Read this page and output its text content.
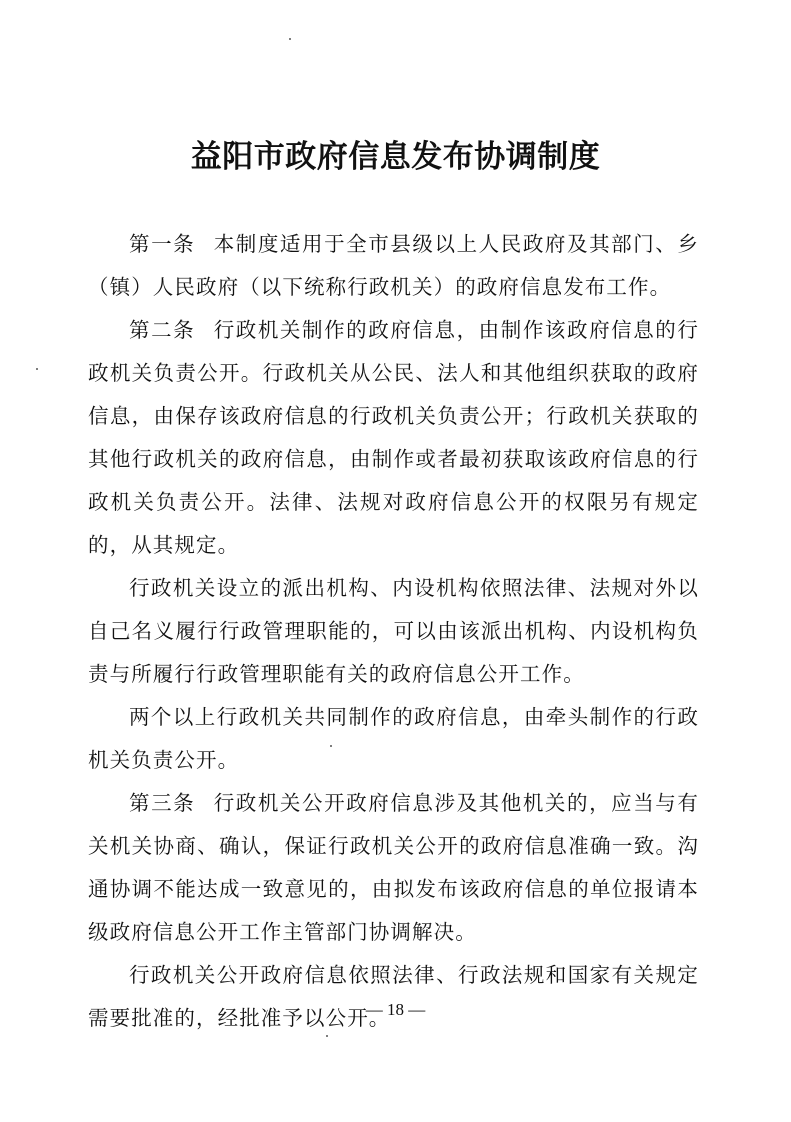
益阳市政府信息发布协调制度

第一条 本制度适用于全市县级以上人民政府及其部门、乡（镇）人民政府（以下统称行政机关）的政府信息发布工作。

第二条 行政机关制作的政府信息，由制作该政府信息的行政机关负责公开。行政机关从公民、法人和其他组织获取的政府信息，由保存该政府信息的行政机关负责公开；行政机关获取的其他行政机关的政府信息，由制作或者最初获取该政府信息的行政机关负责公开。法律、法规对政府信息公开的权限另有规定的，从其规定。

行政机关设立的派出机构、内设机构依照法律、法规对外以自己名义履行行政管理职能的，可以由该派出机构、内设机构负责与所履行行政管理职能有关的政府信息公开工作。

两个以上行政机关共同制作的政府信息，由牵头制作的行政机关负责公开。

第三条 行政机关公开政府信息涉及其他机关的，应当与有关机关协商、确认，保证行政机关公开的政府信息准确一致。沟通协调不能达成一致意见的，由拟发布该政府信息的单位报请本级政府信息公开工作主管部门协调解决。

行政机关公开政府信息依照法律、行政法规和国家有关规定需要批准的，经批准予以公开。

— 18 —
